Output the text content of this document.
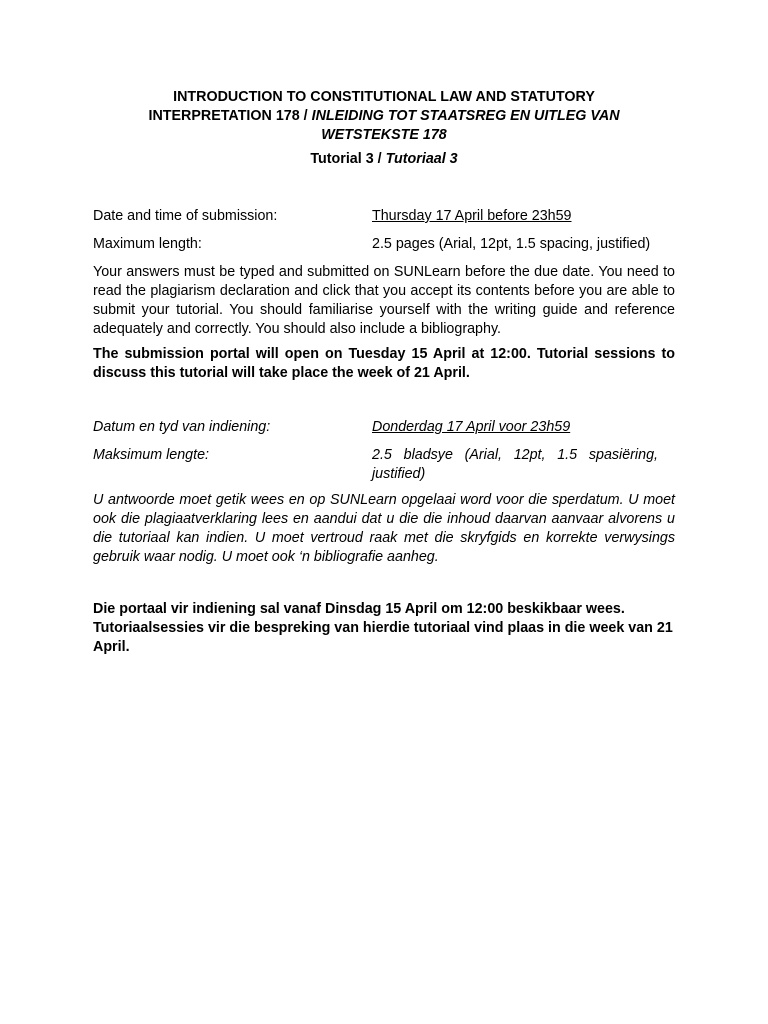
INTRODUCTION TO CONSTITUTIONAL LAW AND STATUTORY
INTERPRETATION 178 / INLEIDING TOT STAATSREG EN UITLEG VAN
WETSTEKSTE 178
Tutorial 3 / Tutoriaal 3
Date and time of submission:	Thursday 17 April before 23h59
Maximum length:	2.5 pages (Arial, 12pt, 1.5 spacing, justified)

Your answers must be typed and submitted on SUNLearn before the due date. You need to read the plagiarism declaration and click that you accept its contents before you are able to submit your tutorial. You should familiarise yourself with the writing guide and reference adequately and correctly. You should also include a bibliography.

The submission portal will open on Tuesday 15 April at 12:00. Tutorial sessions to discuss this tutorial will take place the week of 21 April.

Datum en tyd van indiening:	Donderdag 17 April voor 23h59
Maksimum lengte:	2.5 bladsye (Arial, 12pt, 1.5 spasiëring, justified)

U antwoorde moet getik wees en op SUNLearn opgelaai word voor die sperdatum. U moet ook die plagiaatverklaring lees en aandui dat u die die inhoud daarvan aanvaar alvorens u die tutoriaal kan indien. U moet vertroud raak met die skryfgids en korrekte verwysings gebruik waar nodig. U moet ook ‘n bibliografie aanheg.

Die portaal vir indiening sal vanaf Dinsdag 15 April om 12:00 beskikbaar wees. Tutoriaalsessies vir die bespreking van hierdie tutoriaal vind plaas in die week van 21 April.
